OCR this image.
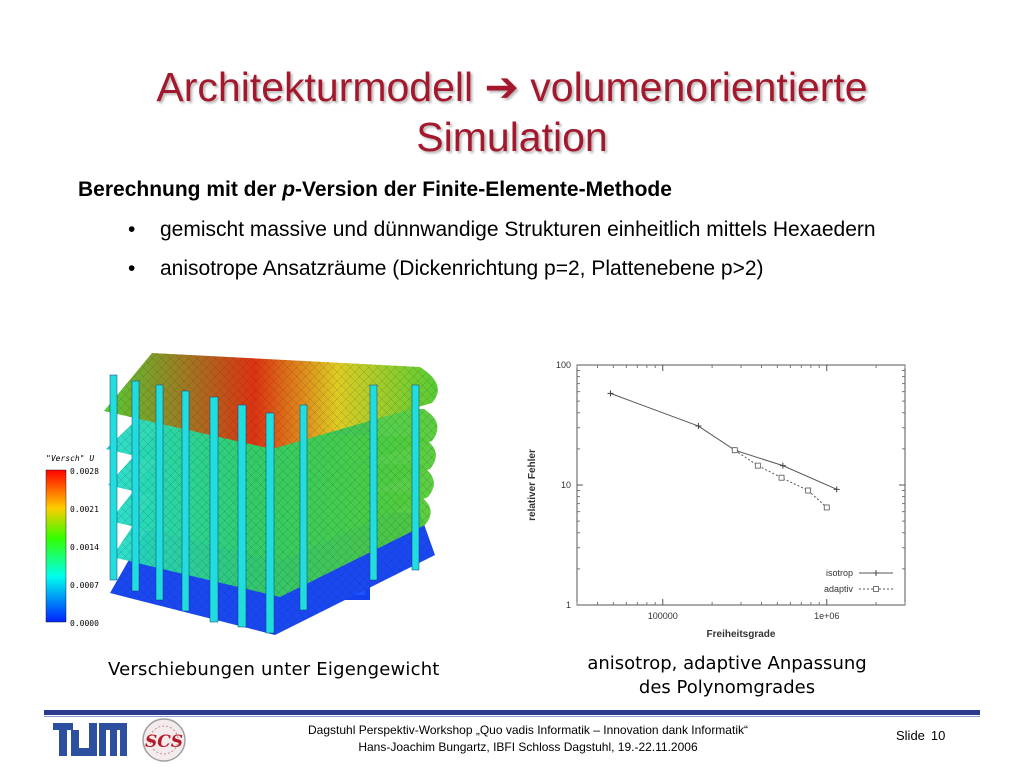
Architekturmodell ➔ volumenorientierte
Simulation
Berechnung mit der p-Version der Finite-Elemente-Methode
• gemischt massive und dünnwandige Strukturen einheitlich mittels Hexaedern
• anisotrope Ansatzräume (Dickenrichtung p=2, Plattenebene p>2)
"Versch" U
0.0028
0.0021
0.0014
0.0007
0.0000
1
10
100
100000	1e+06
Freiheitsgrade
relativer Fehler
isotrop
adaptiv
Verschiebungen unter Eigengewicht	anisotrop, adaptive Anpassung
des Polynomgrades
TUM
SCS
Dagstuhl Perspektiv-Workshop „Quo vadis Informatik – Innovation dank Informatik“
Hans-Joachim Bungartz, IBFI Schloss Dagstuhl, 19.-22.11.2006
Slide 10
